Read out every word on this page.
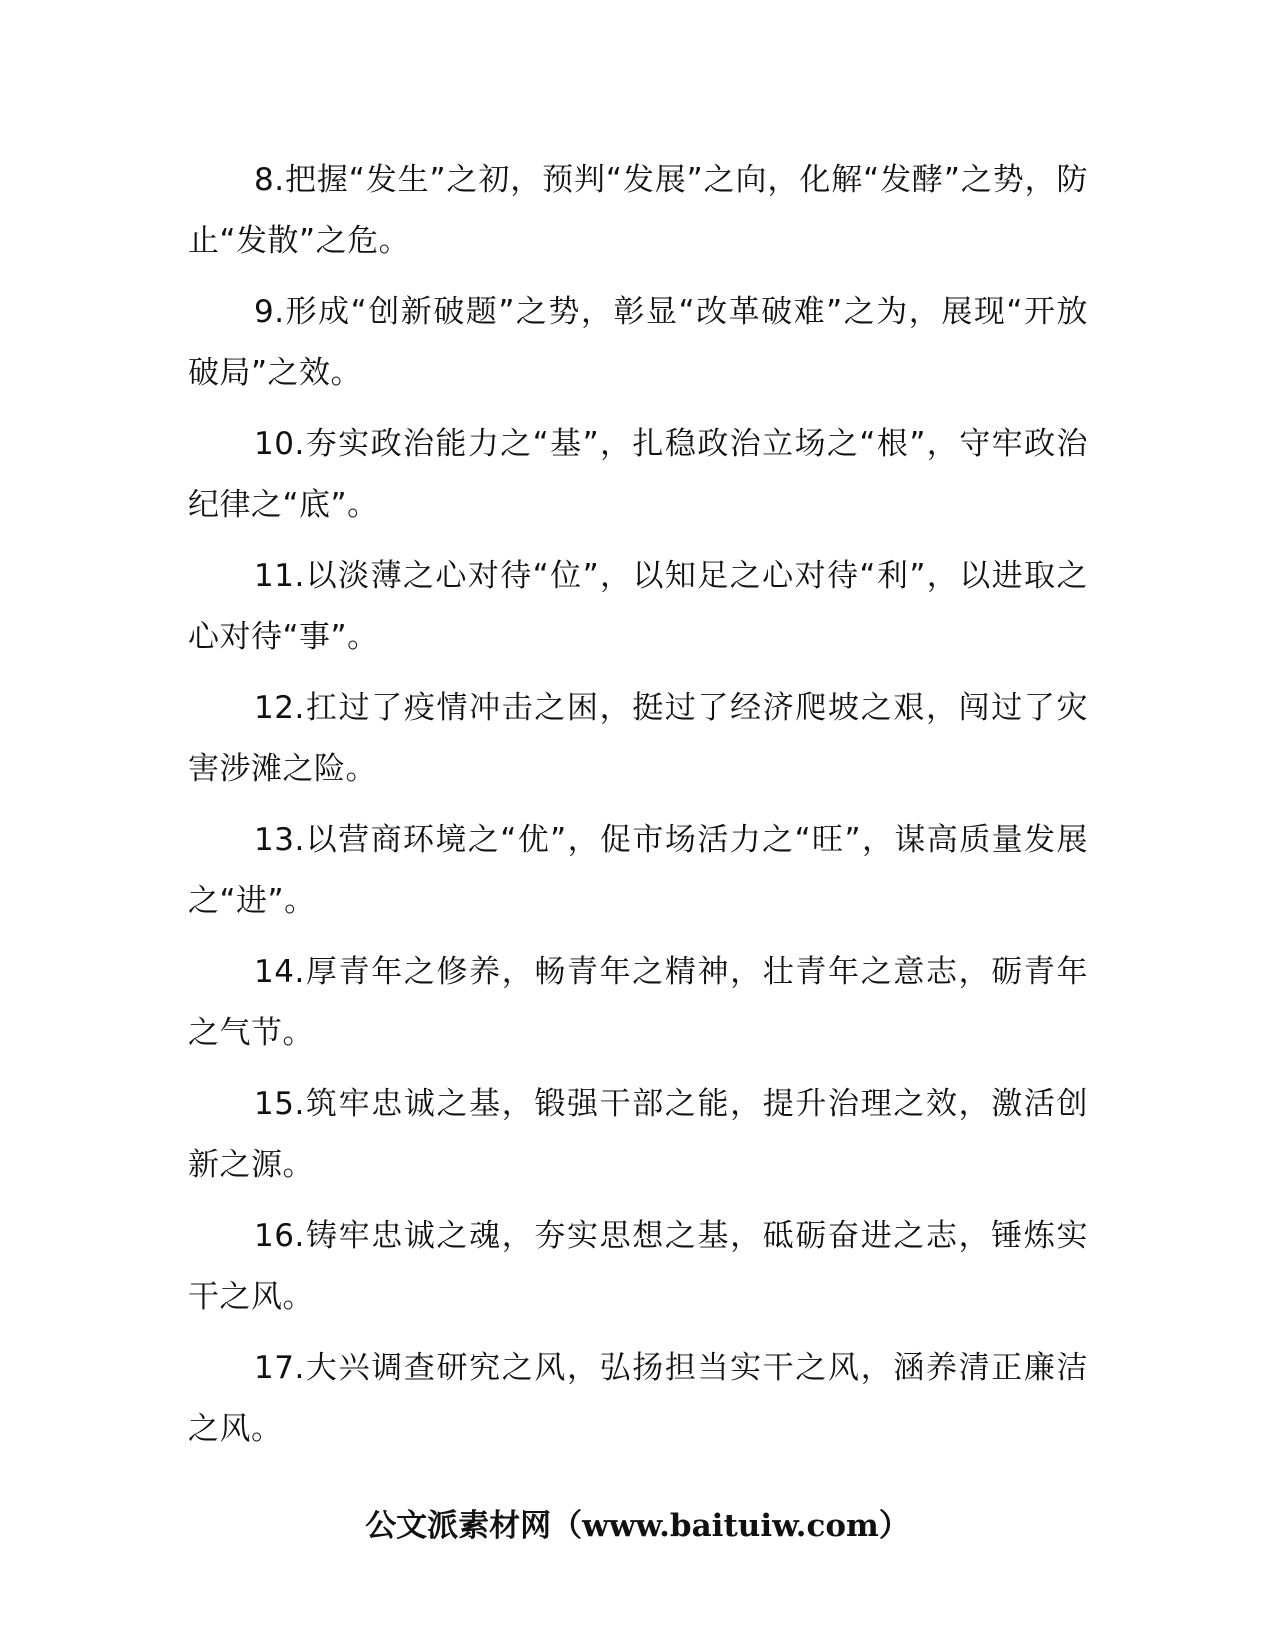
8.把握“发生”之初，预判“发展”之向，化解“发酵”之势，防止“发散”之危。

9.形成“创新破题”之势，彰显“改革破难”之为，展现“开放破局”之效。

10.夯实政治能力之“基”，扎稳政治立场之“根”，守牢政治纪律之“底”。

11.以淡薄之心对待“位”，以知足之心对待“利”，以进取之心对待“事”。

12.扛过了疫情冲击之困，挺过了经济爬坡之艰，闯过了灾害涉滩之险。

13.以营商环境之“优”，促市场活力之“旺”，谋高质量发展之“进”。

14.厚青年之修养，畅青年之精神，壮青年之意志，砺青年之气节。

15.筑牢忠诚之基，锻强干部之能，提升治理之效，激活创新之源。

16.铸牢忠诚之魂，夯实思想之基，砥砺奋进之志，锤炼实干之风。

17.大兴调查研究之风，弘扬担当实干之风，涵养清正廉洁之风。

公文派素材网（www.baituiw.com）
